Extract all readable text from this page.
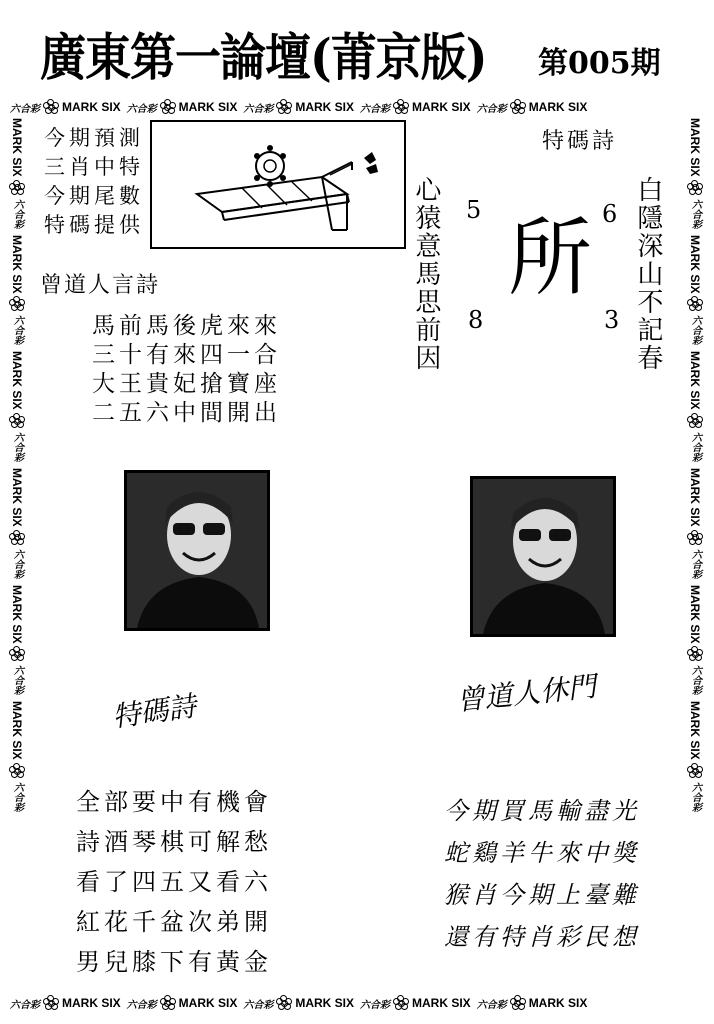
廣東第一論壇(莆京版) 第005期
六合彩 MARK SIX 六合彩 MARK SIX 六合彩 MARK SIX 六合彩 MARK SIX 六合彩 MARK SIX
六合彩 MARK SIX 六合彩 MARK SIX 六合彩 MARK SIX 六合彩 MARK SIX 六合彩 MARK SIX
MARK SIX
六合彩
MARK SIX
六合彩
MARK SIX
六合彩
MARK SIX
六合彩
MARK SIX
六合彩
MARK SIX
六合彩
MARK SIX
六合彩
MARK SIX
六合彩
MARK SIX
六合彩
MARK SIX
六合彩
MARK SIX
六合彩
MARK SIX
六合彩
今期預測
三肖中特
今期尾數
特碼提供
曾道人言詩
馬前馬後虎來來
三十有來四一合
大王貴妃搶寶座
二五六中間開出
特碼詩
白隱深山不記春
心猿意馬思前因 5	6
所
8	3
特碼詩	曾道人休門
全部要中有機會
詩酒琴棋可解愁
看了四五又看六
紅花千盆次弟開
男兒膝下有黃金
今期買馬輸盡光
蛇鷄羊牛來中獎
猴肖今期上臺難
還有特肖彩民想
